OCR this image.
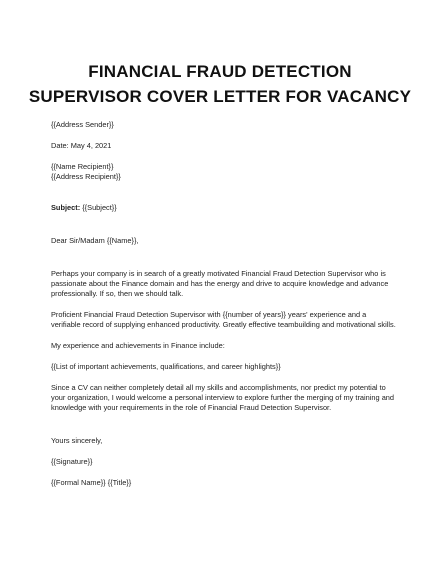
FINANCIAL FRAUD DETECTION
SUPERVISOR COVER LETTER FOR VACANCY

{{Address Sender}}

Date: May 4, 2021

{{Name Recipient}}

{{Address Recipient}}

Subject: {{Subject}}

Dear Sir/Madam {{Name}},

Perhaps your company is in search of a greatly motivated Financial Fraud Detection Supervisor who is passionate about the Finance domain and has the energy and drive to acquire knowledge and advance professionally. If so, then we should talk.

Proficient Financial Fraud Detection Supervisor with {{number of years}} years' experience and a verifiable record of supplying enhanced productivity. Greatly effective teambuilding and motivational skills.

My experience and achievements in Finance include:

{{List of important achievements, qualifications, and career highlights}}

Since a CV can neither completely detail all my skills and accomplishments, nor predict my potential to your organization, I would welcome a personal interview to explore further the merging of my training and knowledge with your requirements in the role of Financial Fraud Detection Supervisor.

Yours sincerely,

{{Signature}}

{{Formal Name}} {{Title}}
